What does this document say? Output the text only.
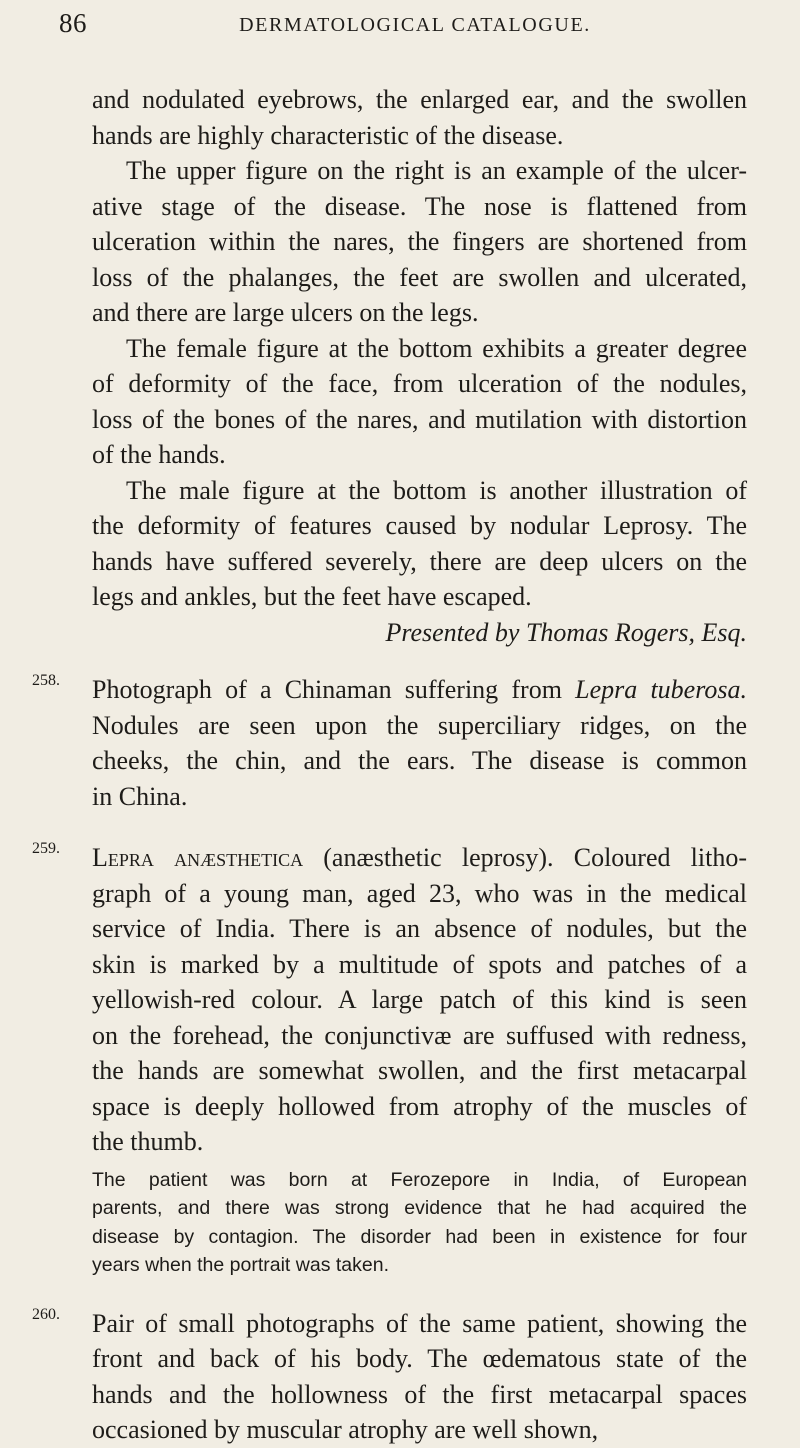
86	DERMATOLOGICAL CATALOGUE.
and nodulated eyebrows, the enlarged ear, and the swollen
hands are highly characteristic of the disease.
The upper figure on the right is an example of the ulcer-
ative stage of the disease. The nose is flattened from
ulceration within the nares, the fingers are shortened from
loss of the phalanges, the feet are swollen and ulcerated,
and there are large ulcers on the legs.
The female figure at the bottom exhibits a greater degree
of deformity of the face, from ulceration of the nodules,
loss of the bones of the nares, and mutilation with distortion
of the hands.
The male figure at the bottom is another illustration of
the deformity of features caused by nodular Leprosy. The
hands have suffered severely, there are deep ulcers on the
legs and ankles, but the feet have escaped.
Presented by Thomas Rogers, Esq.
258. Photograph of a Chinaman suffering from Lepra tuberosa.
Nodules are seen upon the superciliary ridges, on the
cheeks, the chin, and the ears. The disease is common
in China.
259. Lepra anæsthetica (anæsthetic leprosy). Coloured litho-
graph of a young man, aged 23, who was in the medical
service of India. There is an absence of nodules, but the
skin is marked by a multitude of spots and patches of a
yellowish-red colour. A large patch of this kind is seen
on the forehead, the conjunctivæ are suffused with redness,
the hands are somewhat swollen, and the first metacarpal
space is deeply hollowed from atrophy of the muscles of
the thumb.
The patient was born at Ferozepore in India, of European
parents, and there was strong evidence that he had acquired the
disease by contagion. The disorder had been in existence for four
years when the portrait was taken.
260. Pair of small photographs of the same patient, showing the
front and back of his body. The œdematous state of the
hands and the hollowness of the first metacarpal spaces
occasioned by muscular atrophy are well shown,
